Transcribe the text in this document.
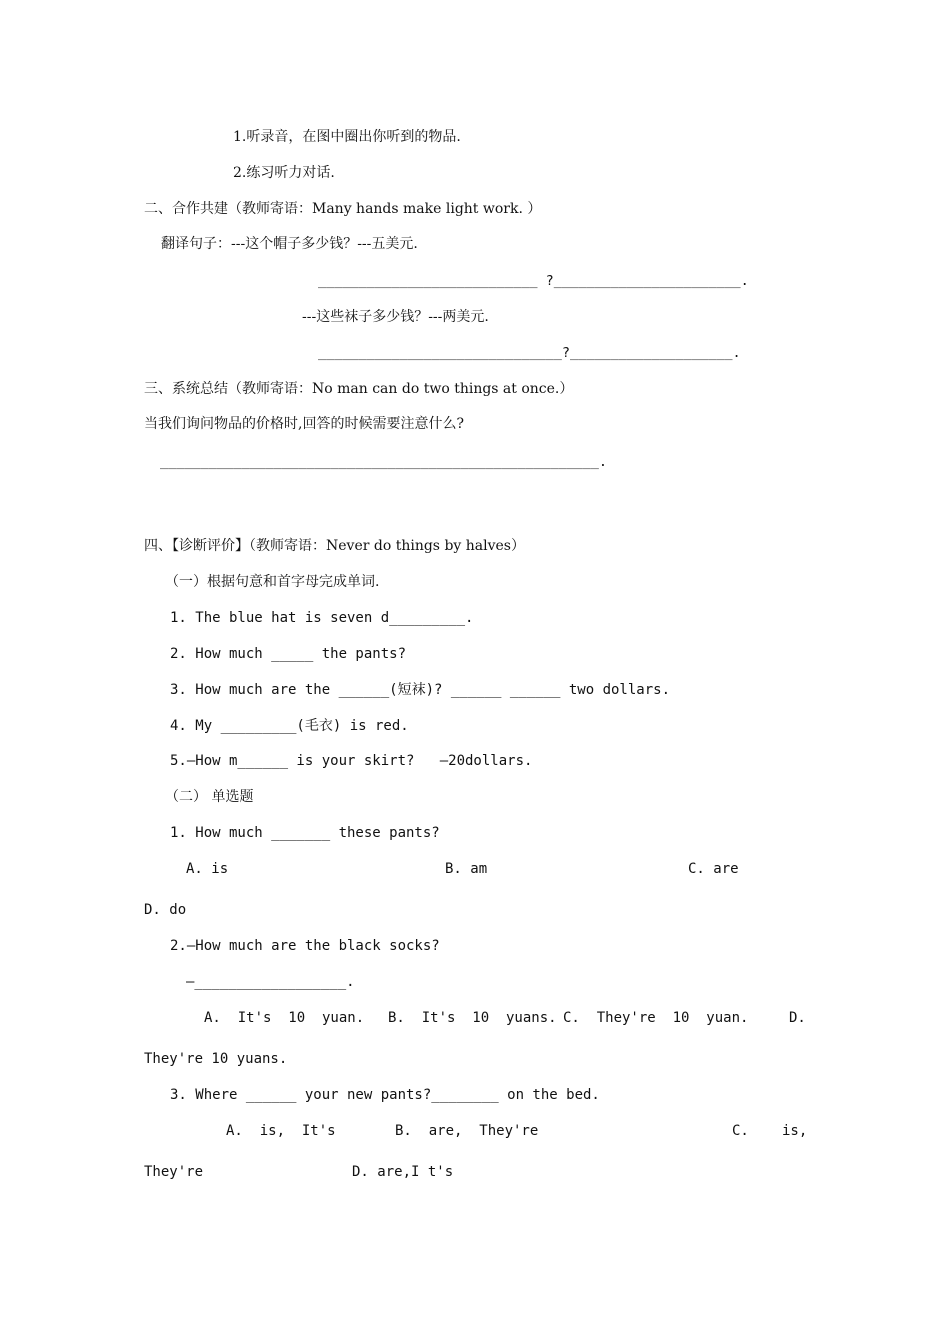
1.听录音，在图中圈出你听到的物品.
2.练习听力对话.
二、合作共建（教师寄语：Many hands make light work. ）
翻译句子：---这个帽子多少钱？---五美元.
___________________________ ?_______________________.
---这些袜子多少钱？---两美元.
______________________________?____________________.
三、系统总结（教师寄语：No man can do two things at once.）
当我们询问物品的价格时,回答的时候需要注意什么?
______________________________________________________.
四、【诊断评价】（教师寄语：Never do things by halves）
（一）根据句意和首字母完成单词.
1. The blue hat is seven d_________.
2. How much _____ the pants?
3. How much are the ______(短袜)? ______ ______ two dollars.
4. My _________(毛衣) is red.
5.—How m______ is your skirt?   —20dollars.
（二） 单选题
1. How much _______ these pants?
A. is	B. am	C. are
D. do
2.—How much are the black socks?
—__________________.
A.  It's  10  yuan. B.  It's  10  yuans. C.  They're  10  yuan.	D.
They're 10 yuans.
3. Where ______ your new pants?________ on the bed.
A.  is,  It's	B.  are,  They're	C. is,
They're	D. are,I t's
